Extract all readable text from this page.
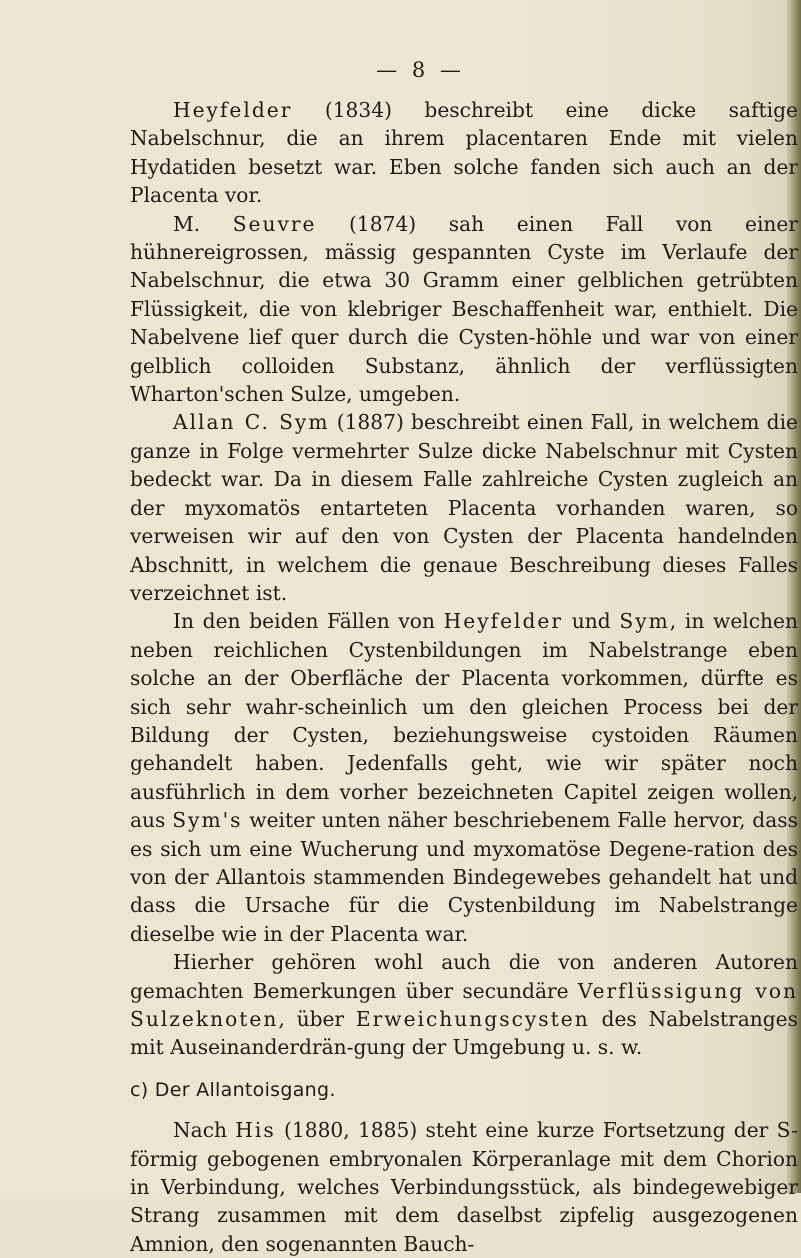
— 8 —

Heyfelder (1834) beschreibt eine dicke saftige Nabelschnur, die an ihrem placentaren Ende mit vielen Hydatiden besetzt war. Eben solche fanden sich auch an der Placenta vor.

M. Seuvre (1874) sah einen Fall von einer hühnereigrossen, mässig gespannten Cyste im Verlaufe der Nabelschnur, die etwa 30 Gramm einer gelblichen getrübten Flüssigkeit, die von klebriger Beschaffenheit war, enthielt. Die Nabelvene lief quer durch die Cysten-höhle und war von einer gelblich colloiden Substanz, ähnlich der verflüssigten Wharton'schen Sulze, umgeben.

Allan C. Sym (1887) beschreibt einen Fall, in welchem die ganze in Folge vermehrter Sulze dicke Nabelschnur mit Cysten bedeckt war. Da in diesem Falle zahlreiche Cysten zugleich an der myxomatös entarteten Placenta vorhanden waren, so verweisen wir auf den von Cysten der Placenta handelnden Abschnitt, in welchem die genaue Beschreibung dieses Falles verzeichnet ist.

In den beiden Fällen von Heyfelder und Sym, in welchen neben reichlichen Cystenbildungen im Nabelstrange eben solche an der Oberfläche der Placenta vorkommen, dürfte es sich sehr wahr-scheinlich um den gleichen Process bei der Bildung der Cysten, beziehungsweise cystoiden Räumen gehandelt haben. Jedenfalls geht, wie wir später noch ausführlich in dem vorher bezeichneten Capitel zeigen wollen, aus Sym's weiter unten näher beschriebenem Falle hervor, dass es sich um eine Wucherung und myxomatöse Degene-ration des von der Allantois stammenden Bindegewebes gehandelt hat und dass die Ursache für die Cystenbildung im Nabelstrange dieselbe wie in der Placenta war.

Hierher gehören wohl auch die von anderen Autoren gemachten Bemerkungen über secundäre Verflüssigung von Sulzeknoten, über Erweichungscysten des Nabelstranges mit Auseinanderdrän-gung der Umgebung u. s. w.

c) Der Allantoisgang.

Nach His (1880, 1885) steht eine kurze Fortsetzung der S-förmig gebogenen embryonalen Körperanlage mit dem Chorion in Verbindung, welches Verbindungsstück, als bindegewebiger Strang zusammen mit dem daselbst zipfelig ausgezogenen Amnion, den sogenannten Bauch-
